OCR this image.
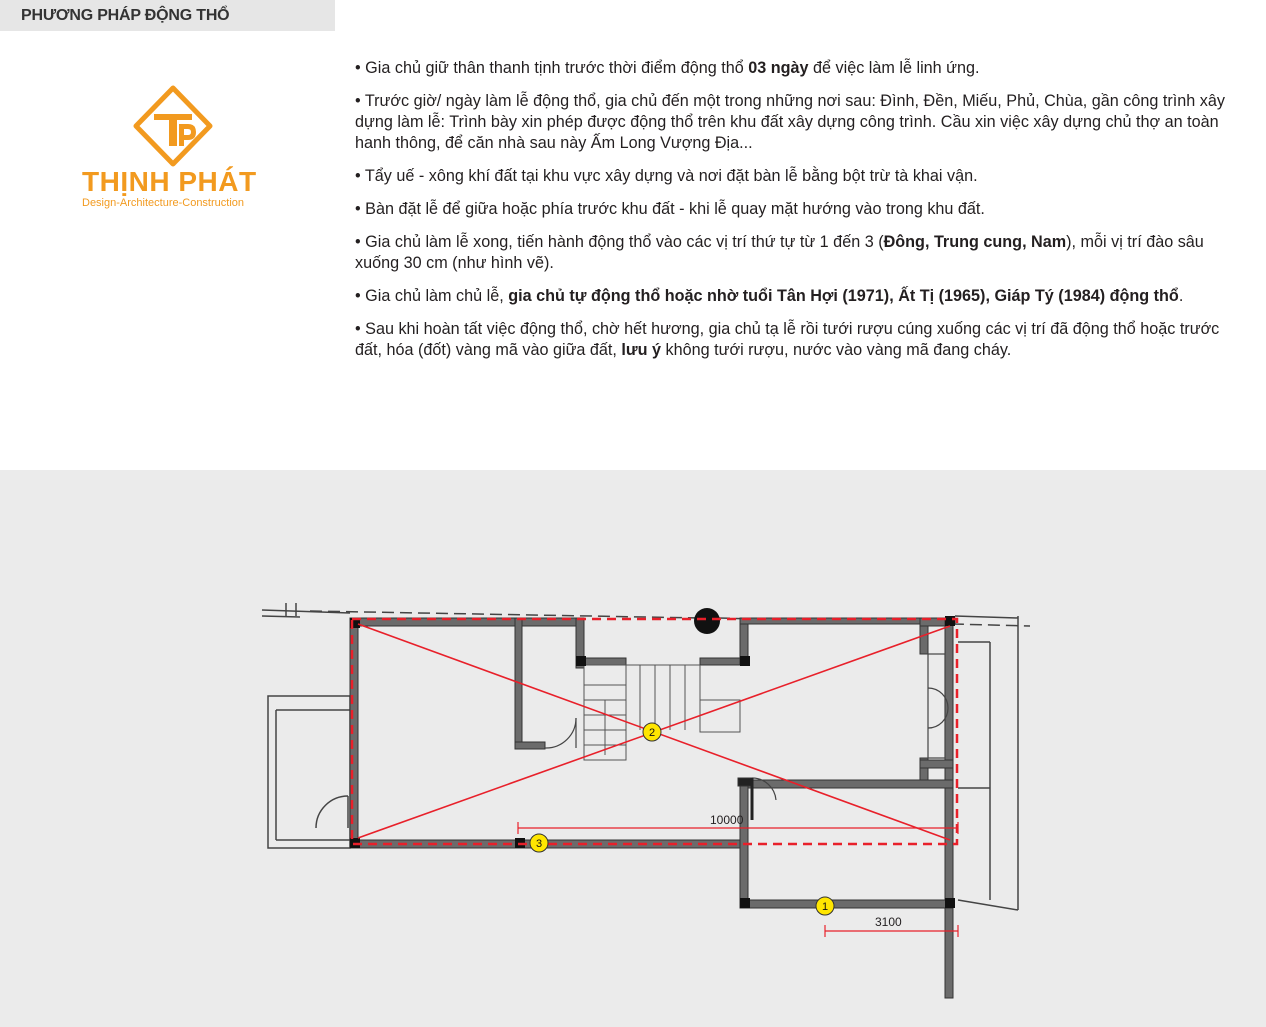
PHƯƠNG PHÁP ĐỘNG THỔ
THỊNH PHÁT
Design-Architecture-Construction

• Gia chủ giữ thân thanh tịnh trước thời điểm động thổ 03 ngày để việc làm lễ linh ứng.

• Trước giờ/ ngày làm lễ động thổ, gia chủ đến một trong những nơi sau: Đình, Đền, Miếu, Phủ, Chùa, gần công trình xây dựng làm lễ: Trình bày xin phép được động thổ trên khu đất xây dựng công trình. Cầu xin việc xây dựng chủ thợ an toàn hanh thông, để căn nhà sau này Ấm Long Vượng Địa...

• Tẩy uế - xông khí đất tại khu vực xây dựng và nơi đặt bàn lễ bằng bột trừ tà khai vận.

• Bàn đặt lễ để giữa hoặc phía trước khu đất - khi lễ quay mặt hướng vào trong khu đất.

• Gia chủ làm lễ xong, tiến hành động thổ vào các vị trí thứ tự từ 1 đến 3 (Đông, Trung cung, Nam), mỗi vị trí đào sâu xuống 30 cm (như hình vẽ).

• Gia chủ làm chủ lễ, gia chủ tự động thổ hoặc nhờ tuổi Tân Hợi (1971), Ất Tị (1965), Giáp Tý (1984) động thổ.

• Sau khi hoàn tất việc động thổ, chờ hết hương, gia chủ tạ lễ rồi tưới rượu cúng xuống các vị trí đã động thổ hoặc trước đất, hóa (đốt) vàng mã vào giữa đất, lưu ý không tưới rượu, nước vào vàng mã đang cháy.

10000
3100
1
2
3
